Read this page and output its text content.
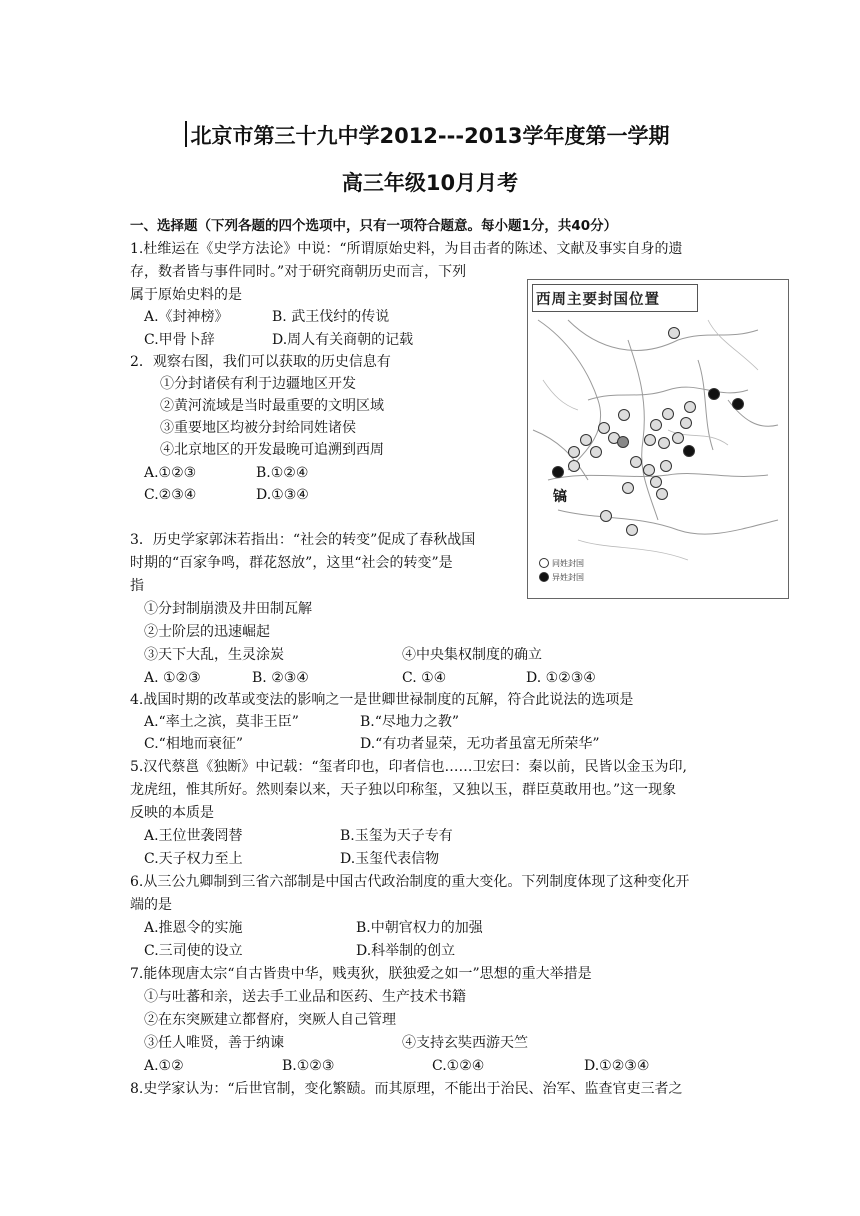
北京市第三十九中学2012---2013学年度第一学期
高三年级10月月考
一、选择题（下列各题的四个选项中，只有一项符合题意。每小题1分，共40分）
1.杜维运在《史学方法论》中说：“所谓原始史料，为目击者的陈述、文献及事实自身的遗
存，数者皆与事件同时。”对于研究商朝历史而言，下列
属于原始史料的是
A.《封神榜》	B. 武王伐纣的传说
C.甲骨卜辞	D.周人有关商朝的记载
2．观察右图，我们可以获取的历史信息有
①分封诸侯有利于边疆地区开发
②黄河流域是当时最重要的文明区域
③重要地区均被分封给同姓诸侯
④北京地区的开发最晚可追溯到西周
A.①②③	B.①②④
C.②③④	D.①③④
3．历史学家郭沫若指出：“社会的转变”促成了春秋战国
时期的“百家争鸣，群花怒放”，这里“社会的转变”是
指
①分封制崩溃及井田制瓦解
②士阶层的迅速崛起
③天下大乱，生灵涂炭	④中央集权制度的确立
A. ①②③	B. ②③④	C. ①④	D. ①②③④
4.战国时期的改革或变法的影响之一是世卿世禄制度的瓦解，符合此说法的选项是
A.“率土之滨，莫非王臣”	B.“尽地力之教”
C.“相地而衰征”	D.“有功者显荣，无功者虽富无所荣华”
5.汉代蔡邕《独断》中记载：“玺者印也，印者信也……卫宏曰：秦以前，民皆以金玉为印,
龙虎纽，惟其所好。然则秦以来，天子独以印称玺，又独以玉，群臣莫敢用也。”这一现象
反映的本质是
A.王位世袭罔替	B.玉玺为天子专有
C.天子权力至上	D.玉玺代表信物
6.从三公九卿制到三省六部制是中国古代政治制度的重大变化。下列制度体现了这种变化开
端的是
A.推恩令的实施	B.中朝官权力的加强
C.三司使的设立	D.科举制的创立
7.能体现唐太宗“自古皆贵中华，贱夷狄，朕独爱之如一”思想的重大举措是
①与吐蕃和亲，送去手工业品和医药、生产技术书籍
②在东突厥建立都督府，突厥人自己管理
③任人唯贤，善于纳谏	④支持玄奘西游天竺
A.①②	B.①②③	C.①②④	D.①②③④
8.史学家认为：“后世官制，变化繁赜。而其原理，不能出于治民、治军、监查官吏三者之
西周主要封国位置
镐
同姓封国
异姓封国
